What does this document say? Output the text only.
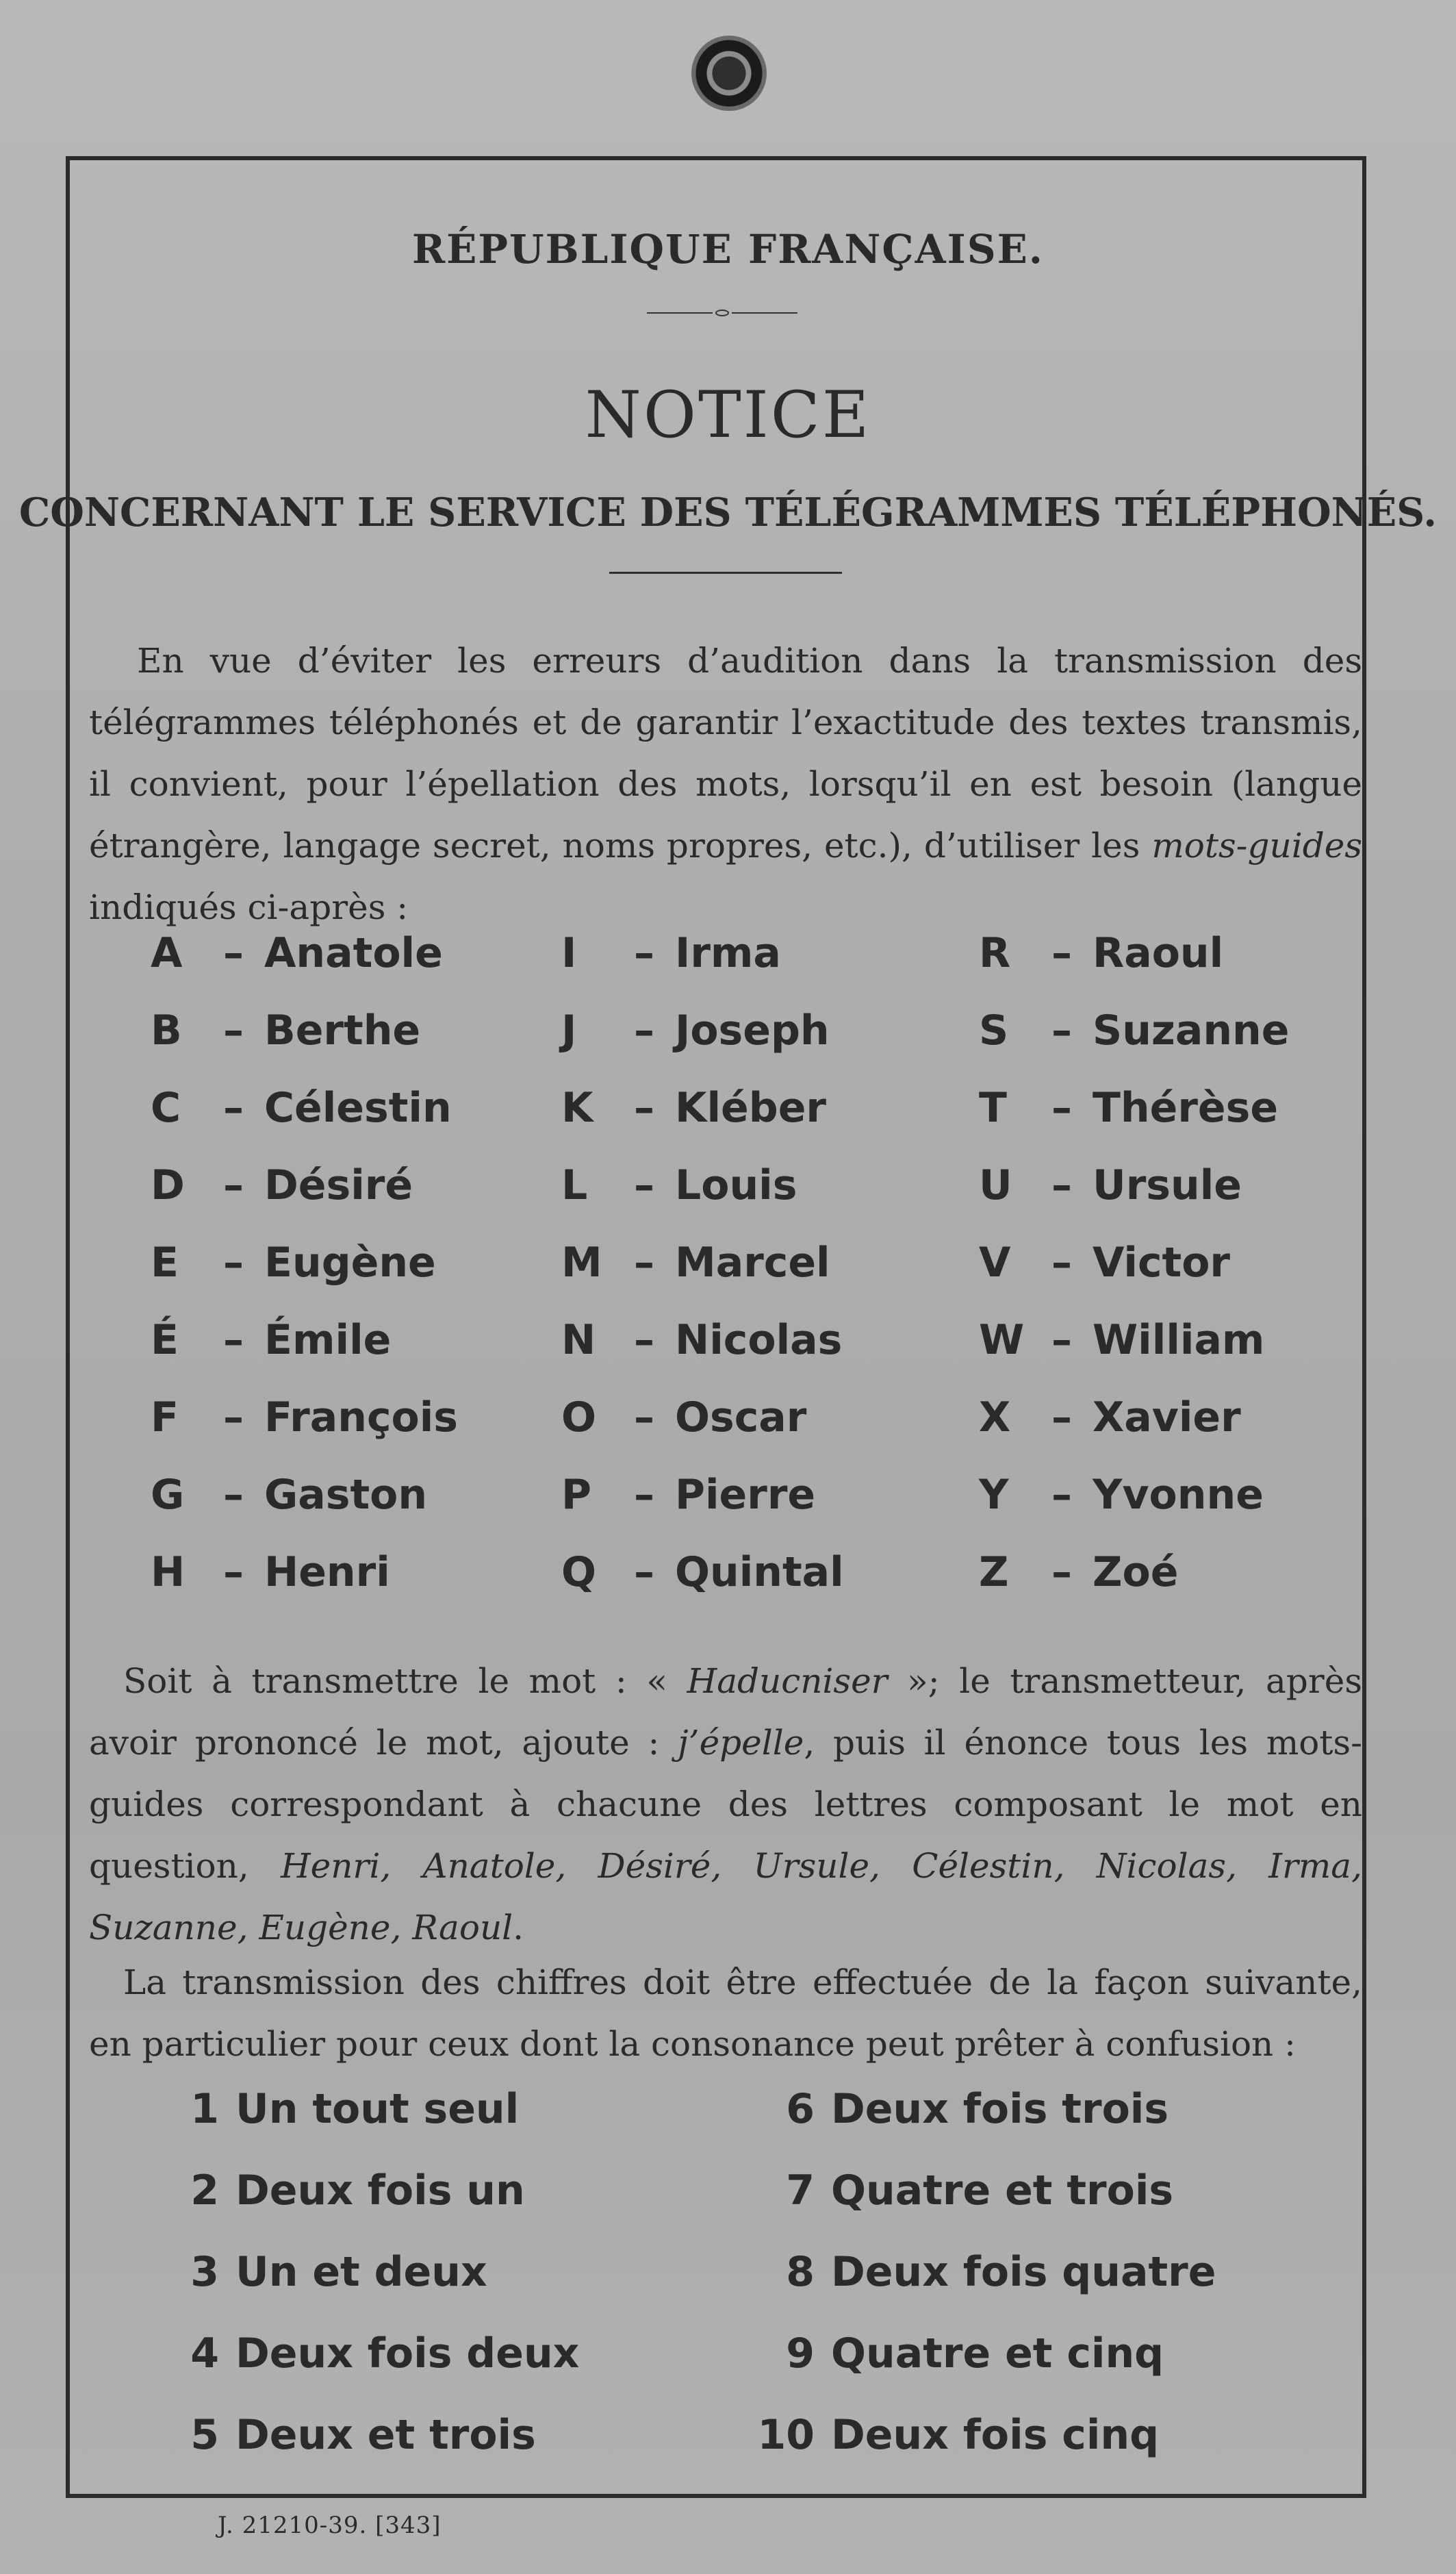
RÉPUBLIQUE FRANÇAISE.
NOTICE
CONCERNANT LE SERVICE DES TÉLÉGRAMMES TÉLÉPHONÉS.

En vue d’éviter les erreurs d’audition dans la transmission des télégrammes téléphonés et de garantir l’exactitude des textes transmis, il convient, pour l’épellation des mots, lorsqu’il en est besoin (langue étrangère, langage secret, noms propres, etc.), d’utiliser les mots-guides indiqués ci-après :

A – Anatole
B – Berthe
C – Célestin
D – Désiré
E – Eugène
É – Émile
F – François
G – Gaston
H – Henri
I – Irma
J – Joseph
K – Kléber
L – Louis
M – Marcel
N – Nicolas
O – Oscar
P – Pierre
Q – Quintal
R – Raoul
S – Suzanne
T – Thérèse
U – Ursule
V – Victor
W – William
X – Xavier
Y – Yvonne
Z – Zoé

Soit à transmettre le mot : « Haducniser »; le transmetteur, après avoir prononcé le mot, ajoute : j’épelle, puis il énonce tous les mots-guides correspondant à chacune des lettres composant le mot en question, Henri, Anatole, Désiré, Ursule, Célestin, Nicolas, Irma, Suzanne, Eugène, Raoul.

La transmission des chiffres doit être effectuée de la façon suivante, en particulier pour ceux dont la consonance peut prêter à confusion :

1 Un tout seul
2 Deux fois un
3 Un et deux
4 Deux fois deux
5 Deux et trois
6 Deux fois trois
7 Quatre et trois
8 Deux fois quatre
9 Quatre et cinq
10 Deux fois cinq
J. 21210-39. [343]
